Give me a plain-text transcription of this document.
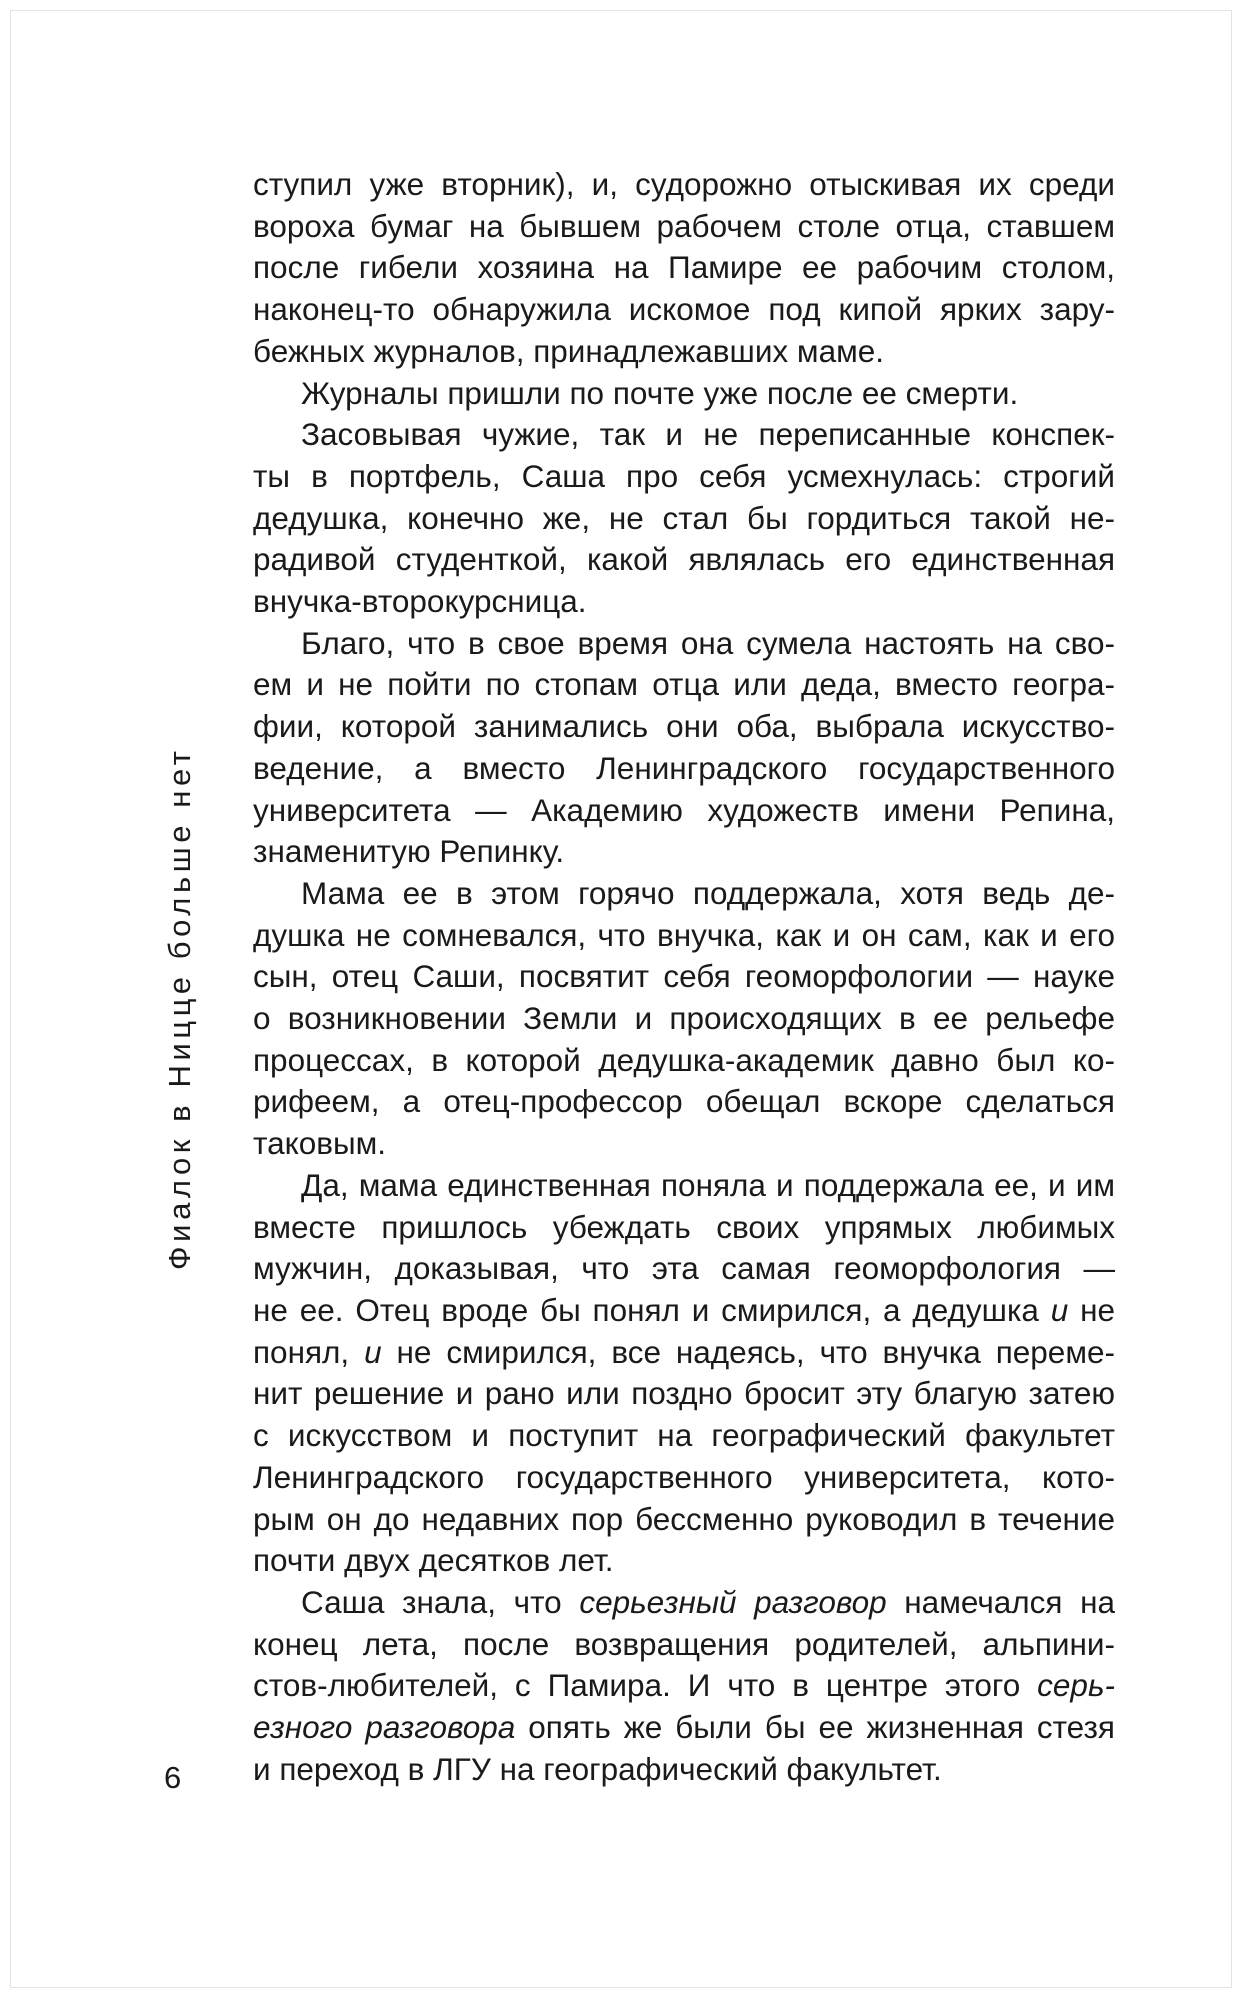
Фиалок в Ницце больше нет
6
ступил уже вторник), и, судорожно отыскивая их среди
вороха бумаг на бывшем рабочем столе отца, ставшем
после гибели хозяина на Памире ее рабочим столом,
наконец-то обнаружила искомое под кипой ярких зару-
бежных журналов, принадлежавших маме.
Журналы пришли по почте уже после ее смерти.
Засовывая чужие, так и не переписанные конспек-
ты в портфель, Саша про себя усмехнулась: строгий
дедушка, конечно же, не стал бы гордиться такой не-
радивой студенткой, какой являлась его единственная
внучка-второкурсница.
Благо, что в свое время она сумела настоять на сво-
ем и не пойти по стопам отца или деда, вместо геогра-
фии, которой занимались они оба, выбрала искусство-
ведение, а вместо Ленинградского государственного
университета — Академию художеств имени Репина,
знаменитую Репинку.
Мама ее в этом горячо поддержала, хотя ведь де-
душка не сомневался, что внучка, как и он сам, как и его
сын, отец Саши, посвятит себя геоморфологии — науке
о возникновении Земли и происходящих в ее рельефе
процессах, в которой дедушка-академик давно был ко-
рифеем, а отец-профессор обещал вскоре сделаться
таковым.
Да, мама единственная поняла и поддержала ее, и им
вместе пришлось убеждать своих упрямых любимых
мужчин, доказывая, что эта самая геоморфология —
не ее. Отец вроде бы понял и смирился, а дедушка и не
понял, и не смирился, все надеясь, что внучка переме-
нит решение и рано или поздно бросит эту благую затею
с искусством и поступит на географический факультет
Ленинградского государственного университета, кото-
рым он до недавних пор бессменно руководил в течение
почти двух десятков лет.
Саша знала, что серьезный разговор намечался на
конец лета, после возвращения родителей, альпини-
стов-любителей, с Памира. И что в центре этого серь-
езного разговора опять же были бы ее жизненная стезя
и переход в ЛГУ на географический факультет.
